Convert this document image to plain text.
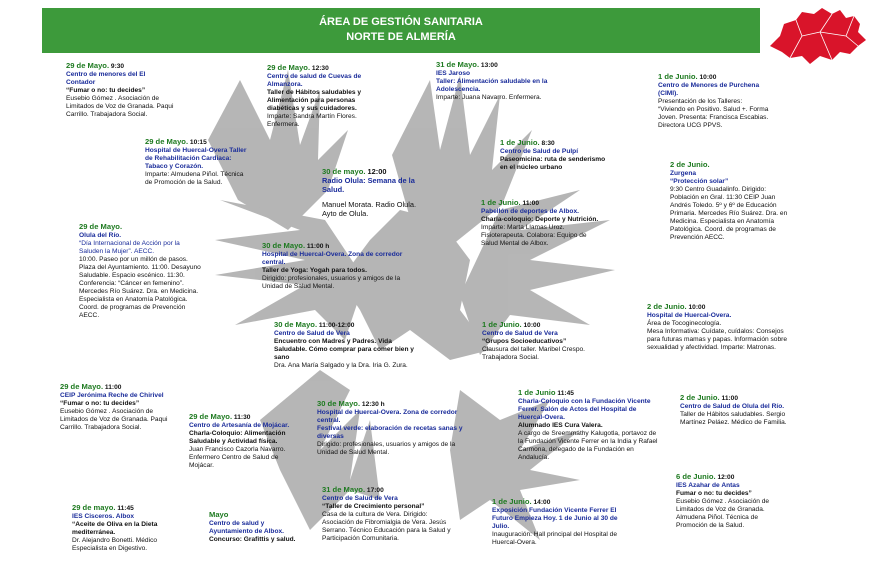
ÁREA DE GESTIÓN SANITARIA
NORTE DE ALMERÍA
29 de Mayo. 9:30
Centro de menores del El Contador
“Fumar o no: tu decides”
Eusebio Gómez . Asociación de Limitados de Voz de Granada. Paqui Carrillo. Trabajadora Social.
29 de Mayo. 12:30
Centro de salud de Cuevas de Almanzora.
Taller de Hábitos saludables y Alimentación para personas diabéticas y sus cuidadores.
Imparte: Sandra Martín Flores. Enfermera.
31 de Mayo. 13:00
IES Jaroso
Taller: Alimentación saludable en la Adolescencia.
Imparte: Juana Navarro. Enfermera.
1 de Junio. 10:00
Centro de Menores de Purchena (CIMI).
Presentación de los Talleres: “Viviendo en Positivo. Salud +. Forma Joven. Presenta: Francisca Escabias. Directora UCG PPVS.
29 de Mayo. 10:15
Hospital de Huercal-Overa Taller de Rehabilitación Cardiaca: Tabaco y Corazón.
Imparte: Almudena Piñol. Técnica de Promoción de la Salud.
1 de Junio. 8:30
Centro de Salud de Pulpí
Paseomicina: ruta de senderismo en el núcleo urbano	2 de Junio.
Zurgena
“Protección solar”
9:30 Centro Guadalinfo. Dirigido: Población en Gral. 11:30 CEIP Juan Andrés Toledo. 5º y 6º de Educación Primaria. Mercedes Río Suárez. Dra. en Medicina. Especialista en Anatomía Patológica. Coord. de programas de Prevención AECC.
30 de mayo. 12:00
Radio Olula: Semana de la Salud.
Manuel Morata. Radio Olula. Ayto de Olula.
1 de Junio. 11:00
Pabellón de deportes de Albox.
Charla-coloquio: Deporte y Nutrición.
Imparte: Marta Llamas Uroz. Fisioterapeuta. Colabora: Equipo de Salud Mental de Albox.
29 de Mayo.
Olula del Río.
“Día Internacional de Acción por la Saluden la Mujer”. AECC.
10:00. Paseo por un millón de pasos. Plaza del Ayuntamiento. 11:00. Desayuno Saludable. Espacio escénico. 11:30. Conferencia: “Cáncer en femenino”. Mercedes Río Suárez. Dra. en Medicina. Especialista en Anatomía Patológica. Coord. de programas de Prevención AECC.
30 de Mayo. 11:00 h
Hospital de Huercal-Overa. Zona de corredor central.
Taller de Yoga: Yogah para todos.
Dirigido: profesionales, usuarios y amigos de la Unidad de Salud Mental.
30 de Mayo. 11:00-12:00
Centro de Salud de Vera
Encuentro con Madres y Padres. Vida Saludable. Cómo comprar para comer bien y sano
Dra. Ana María Salgado y la Dra. Iria G. Zura.
1 de Junio. 10:00
Centro de Salud de Vera
“Grupos Socioeducativos”
Clausura del taller. Maribel Crespo. Trabajadora Social.
2 de Junio. 10:00
Hospital de Huercal-Overa.
Área de Tocoginecología.
Mesa Informativa: Cuídate, cuídalos: Consejos para futuras mamas y papas. Información sobre sexualidad y afectividad. Imparte: Matronas.
29 de Mayo. 11:00
CEIP Jerónima Reche de Chirivel
“Fumar o no: tu decides”
Eusebio Gómez . Asociación de Limitados de Voz de Granada. Paqui Carrillo. Trabajadora Social.
1 de Junio 11:45
Charla-Coloquio con la Fundación Vicente Ferrer. Salón de Actos del Hospital de Huercal-Overa.
Alumnado IES Cura Valera.
A cargo de Sreemmathy Kalugotla, portavoz de la Fundación Vicente Ferrer en la India y Rafael Carmona, delegado de la Fundación en Andalucía.
2 de Junio. 11:00
Centro de Salud de Olula del Río.
Taller de Hábitos saludables. Sergio Martínez Peláez. Médico de Familia.
29 de Mayo. 11:30
Centro de Artesanía de Mojácar. Charla-Coloquio: Alimentación Saludable y Actividad física.
Juan Francisco Cazorla Navarro. Enfermero Centro de Salud de Mojácar.
30 de Mayo. 12:30 h
Hospital de Huercal-Overa. Zona de corredor central.
Festival verde: elaboración de recetas sanas y diversas
Dirigido: profesionales, usuarios y amigos de la Unidad de Salud Mental.
6 de Junio. 12:00
IES Azahar de Antas
Fumar o no: tu decides”
Eusebio Gómez . Asociación de Limitados de Voz de Granada. Almudena Piñol. Técnica de Promoción de la Salud.
29 de mayo. 11:45
IES Cisceros. Albox
“Aceite de Oliva en la Dieta mediterránea.
Dr. Alejandro Bonetti. Médico Especialista en Digestivo.
Mayo
Centro de salud y Ayuntamiento de Albox.
Concurso: Grafittis y salud.
31 de Mayo. 17:00
Centro de Salud de Vera
“Taller de Crecimiento personal”
Casa de la cultura de Vera. Dirigido: Asociación de Fibromialgia de Vera. Jesús Serrano. Técnico Educación para la Salud y Participación Comunitaria.
1 de Junio. 14:00
Exposición Fundación Vicente Ferrer El Futuro Empieza Hoy. 1 de Junio al 30 de Julio.
Inauguración: Hall principal del Hospital de Huercal-Overa.
